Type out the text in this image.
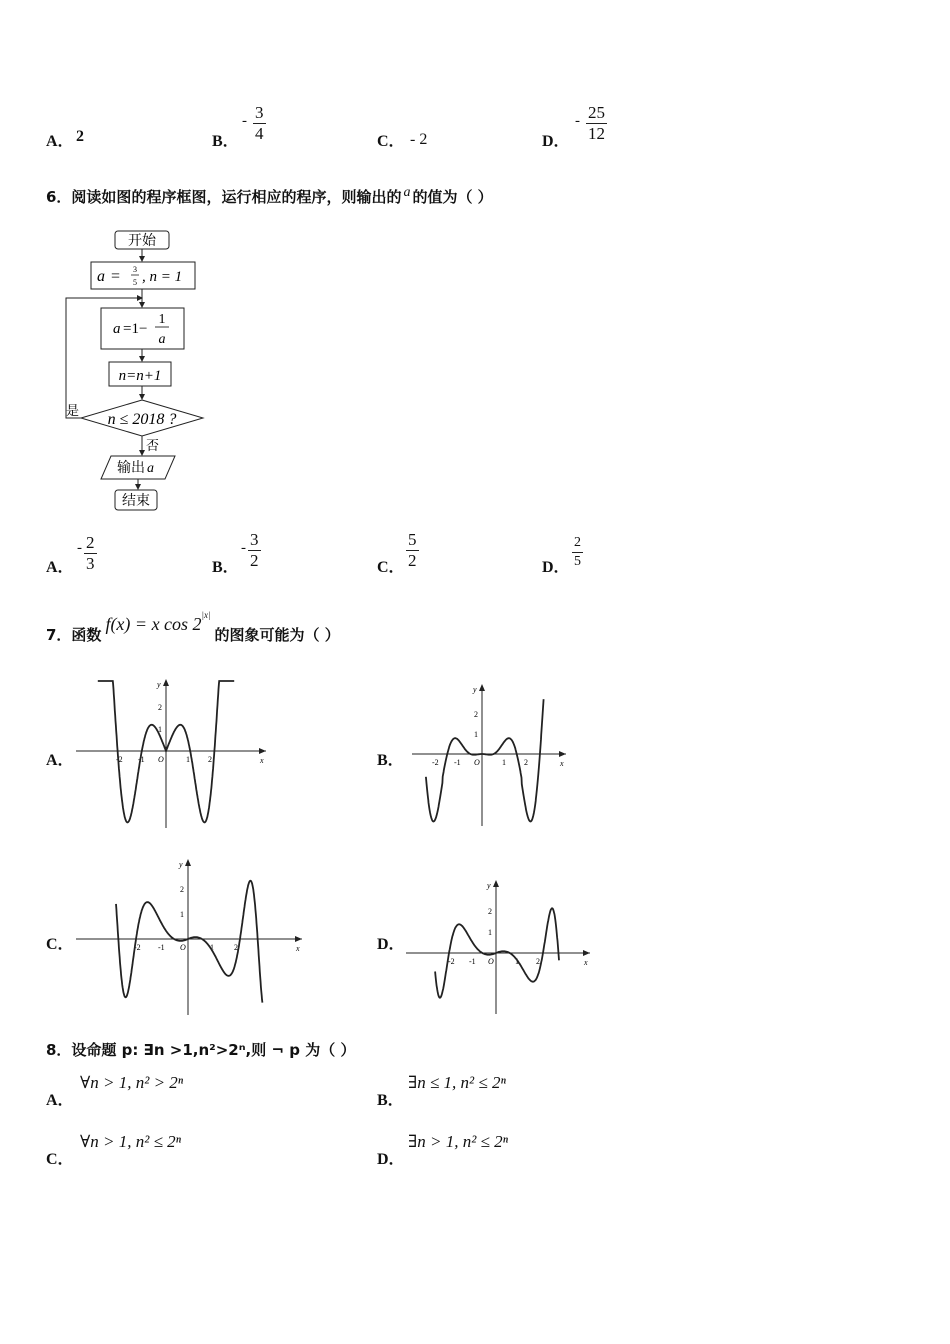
A． 2	B．
- $\frac{3}{4}$	C． - 2	D．
- $\frac{25}{12}$
6．阅读如图的程序框图，运行相应的程序，则输出的 a 的值为（ ）
开始
a = 3
5 , n = 1
a =1−
1
a
n=n+1
n ≤ 2018 ?
是
否
输出 a
结束
A．
- $\frac{2}{3}$	B．
- $\frac{3}{2}$	C． $\frac{5}{2}$	D． $\frac{2}{5}$
7．函数 f(x) = x $\cos 2^{|x|}$ 的图象可能为（ ）
A．	x
y
-2 -1 O	1 2
2
1
B．	x
y
-2 -1 O	1 2
2
1
C．	x
y
-2 -1 O	1	2
2
1
D．
x
y
-2 -1 O	1 2
2
1
8．设命题 p: ∃n >1,n²>2ⁿ,则 ¬ p 为（ ）
A．
∀n > 1, n² > 2ⁿ
B．
∃n ≤ 1, n² ≤ 2ⁿ
C．
∀n > 1, n² ≤ 2ⁿ
D．
∃n > 1, n² ≤ 2ⁿ
